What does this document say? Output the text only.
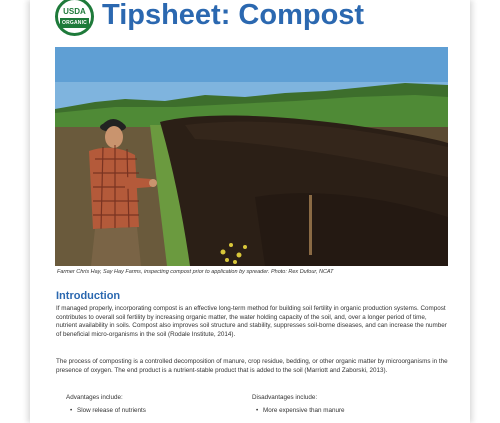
USDA
ORGANIC Tipsheet: Compost

Farmer Chris Hay, Say Hay Farms, inspecting compost prior to application by spreader. Photo: Rex Dufour, NCAT

Introduction

If managed properly, incorporating compost is an effective long-term method for building soil fertility in organic production systems. Compost contributes to overall soil fertility by increasing organic matter, the water holding capacity of the soil, and, over a longer period of time, nutrient availability in soils. Compost also improves soil structure and stability, suppresses soil-borne diseases, and can increase the number of beneficial micro-organisms in the soil (Rodale Institute, 2014).

The process of composting is a controlled decomposition of manure, crop residue, bedding, or other organic matter by microorganisms in the presence of oxygen. The end product is a nutrient-stable product that is added to the soil (Marriott and Zaborski, 2013).

Advantages include:
• Slow release of nutrients
Disadvantages include:
• More expensive than manure
